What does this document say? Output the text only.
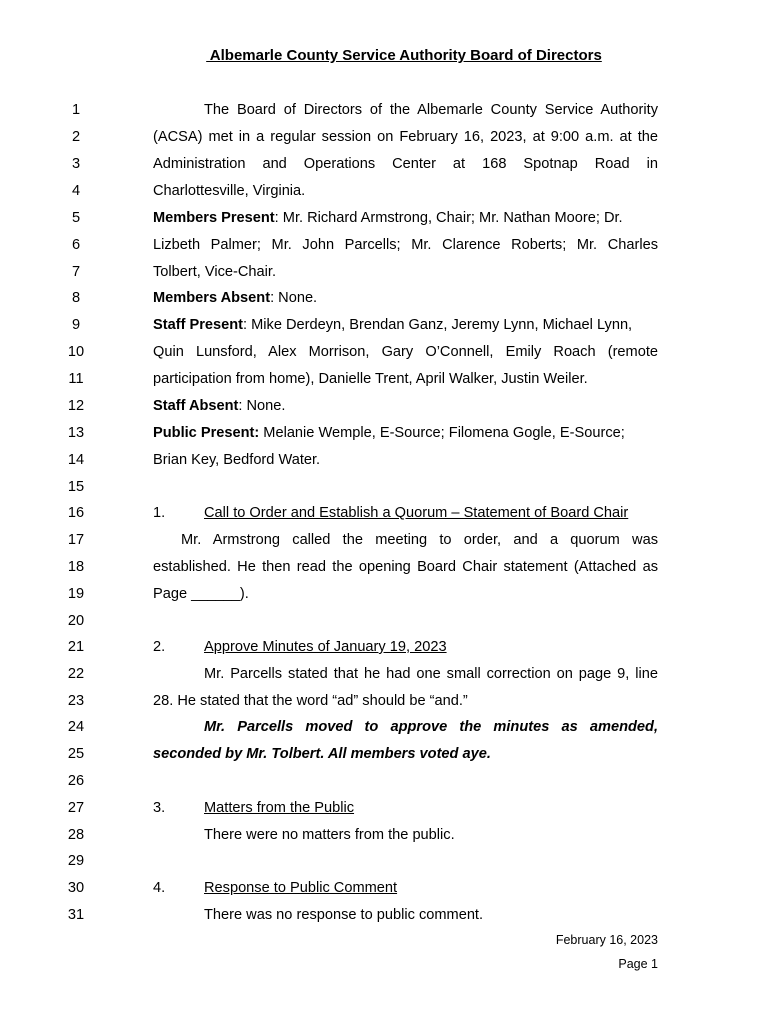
Albemarle County Service Authority Board of Directors
1	The Board of Directors of the Albemarle County Service Authority
2	(ACSA) met in a regular session on February 16, 2023, at 9:00 a.m. at the
3	Administration and Operations Center at 168 Spotnap Road in
4	Charlottesville, Virginia.
5	Members Present: Mr. Richard Armstrong, Chair; Mr. Nathan Moore; Dr.
6	Lizbeth Palmer; Mr. John Parcells; Mr. Clarence Roberts; Mr. Charles
7	Tolbert, Vice-Chair.
8	Members Absent: None.
9	Staff Present: Mike Derdeyn, Brendan Ganz, Jeremy Lynn, Michael Lynn,
10	Quin Lunsford, Alex Morrison, Gary O’Connell, Emily Roach (remote
11	participation from home), Danielle Trent, April Walker, Justin Weiler.
12	Staff Absent: None.
13	Public Present: Melanie Wemple, E-Source; Filomena Gogle, E-Source;
14	Brian Key, Bedford Water.
15
16	1.	Call to Order and Establish a Quorum – Statement of Board Chair
17	Mr. Armstrong called the meeting to order, and a quorum was
18	established. He then read the opening Board Chair statement (Attached as
19	Page ______).
20
21	2.	Approve Minutes of January 19, 2023
22	Mr. Parcells stated that he had one small correction on page 9, line
23	28. He stated that the word “ad” should be “and.”
24	Mr. Parcells moved to approve the minutes as amended,
25	seconded by Mr. Tolbert. All members voted aye.
26
27	3.	Matters from the Public
28	There were no matters from the public.
29
30	4.	Response to Public Comment
31	There was no response to public comment.
February 16, 2023
Page 1
